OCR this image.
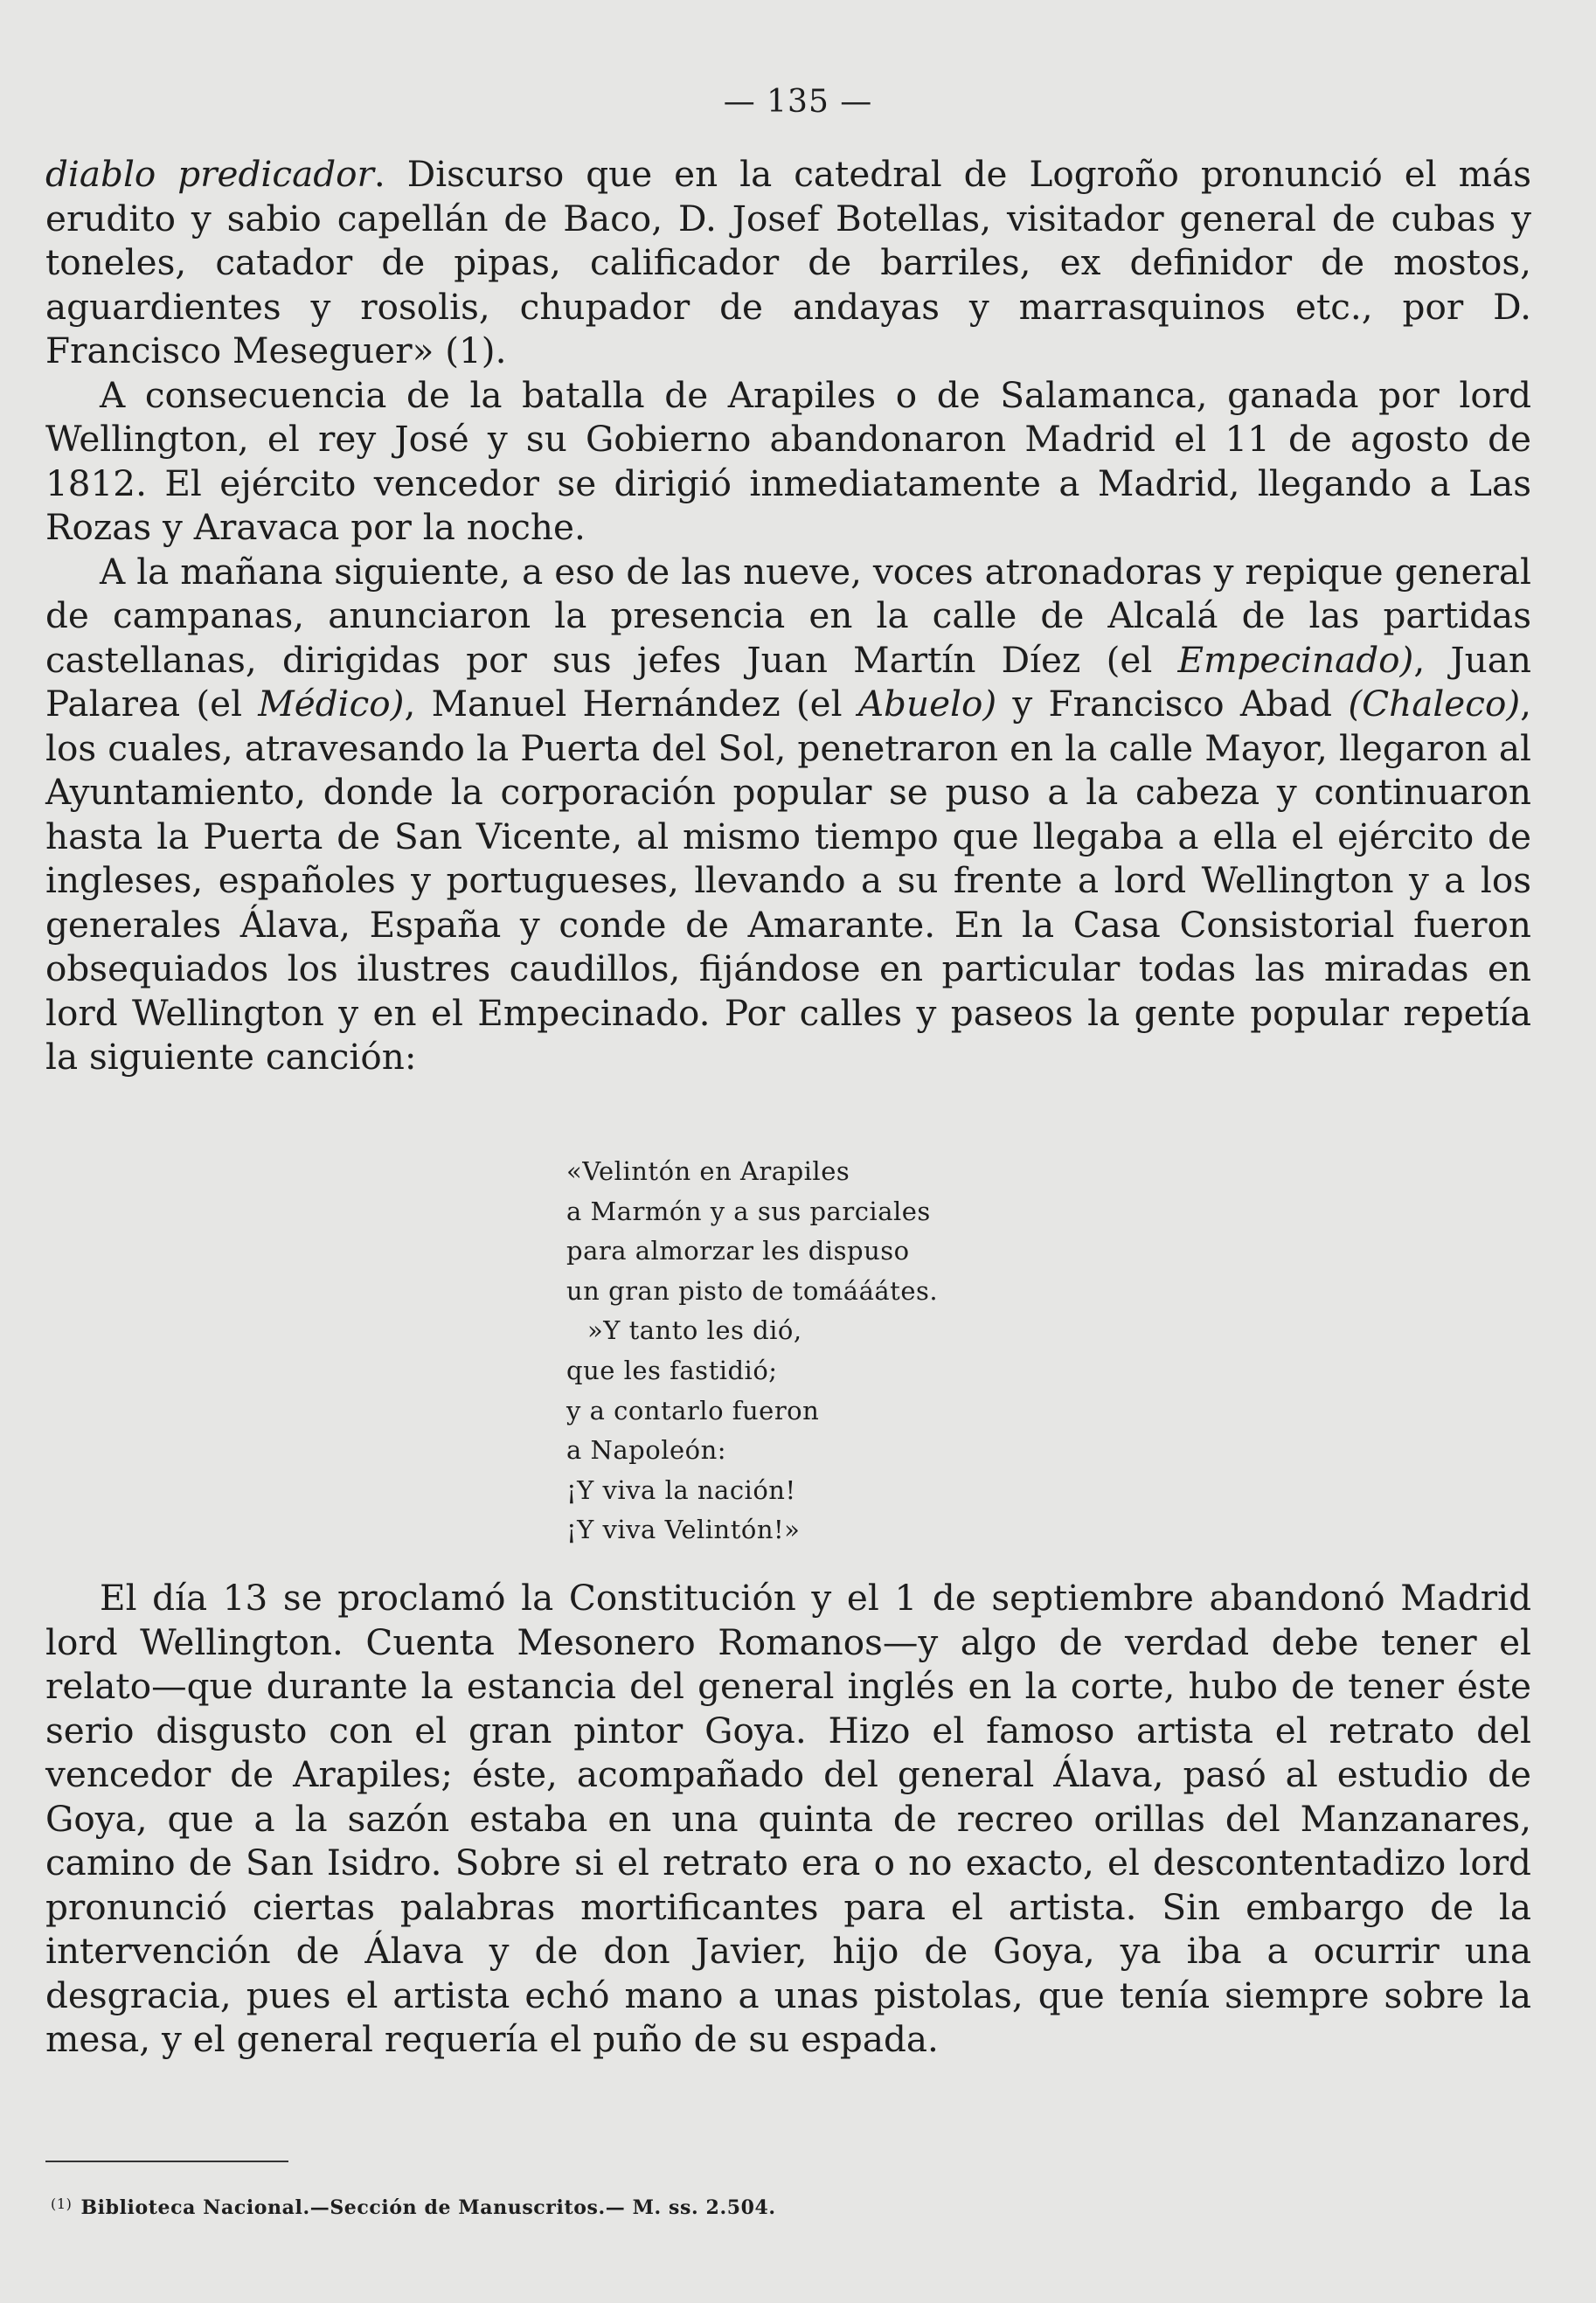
— 135 —

diablo predicador. Discurso que en la catedral de Logroño pronunció el más erudito y sabio capellán de Baco, D. Josef Botellas, visitador general de cubas y toneles, catador de pipas, calificador de barriles, ex definidor de mostos, aguardientes y rosolis, chupador de andayas y marrasquinos etc., por D. Francisco Meseguer» (1).

A consecuencia de la batalla de Arapiles o de Salamanca, ganada por lord Wellington, el rey José y su Gobierno abandonaron Madrid el 11 de agosto de 1812. El ejército vencedor se dirigió inmediatamente a Madrid, llegando a Las Rozas y Aravaca por la noche.

A la mañana siguiente, a eso de las nueve, voces atronadoras y repique general de campanas, anunciaron la presencia en la calle de Alcalá de las partidas castellanas, dirigidas por sus jefes Juan Martín Díez (el Empecinado), Juan Palarea (el Médico), Manuel Hernández (el Abuelo) y Francisco Abad (Chaleco), los cuales, atravesando la Puerta del Sol, penetraron en la calle Mayor, llegaron al Ayuntamiento, donde la corporación popular se puso a la cabeza y continuaron hasta la Puerta de San Vicente, al mismo tiempo que llegaba a ella el ejército de ingleses, españoles y portugueses, llevando a su frente a lord Wellington y a los generales Álava, España y conde de Amarante. En la Casa Consistorial fueron obsequiados los ilustres caudillos, fijándose en particular todas las miradas en lord Wellington y en el Empecinado. Por calles y paseos la gente popular repetía la siguiente canción:

«Velintón en Arapiles
a Marmón y a sus parciales
para almorzar les dispuso
un gran pisto de tomááátes.
»Y tanto les dió,
que les fastidió;
y a contarlo fueron
a Napoleón:
¡Y viva la nación!
¡Y viva Velintón!»

El día 13 se proclamó la Constitución y el 1 de septiembre abandonó Madrid lord Wellington. Cuenta Mesonero Romanos—y algo de verdad debe tener el relato—que durante la estancia del general inglés en la corte, hubo de tener éste serio disgusto con el gran pintor Goya. Hizo el famoso artista el retrato del vencedor de Arapiles; éste, acompañado del general Álava, pasó al estudio de Goya, que a la sazón estaba en una quinta de recreo orillas del Manzanares, camino de San Isidro. Sobre si el retrato era o no exacto, el descontentadizo lord pronunció ciertas palabras mortificantes para el artista. Sin embargo de la intervención de Álava y de don Javier, hijo de Goya, ya iba a ocurrir una desgracia, pues el artista echó mano a unas pistolas, que tenía siempre sobre la mesa, y el general requería el puño de su espada.

$^{(1)}$ Biblioteca Nacional.—Sección de Manuscritos.— M. ss. 2.504.
